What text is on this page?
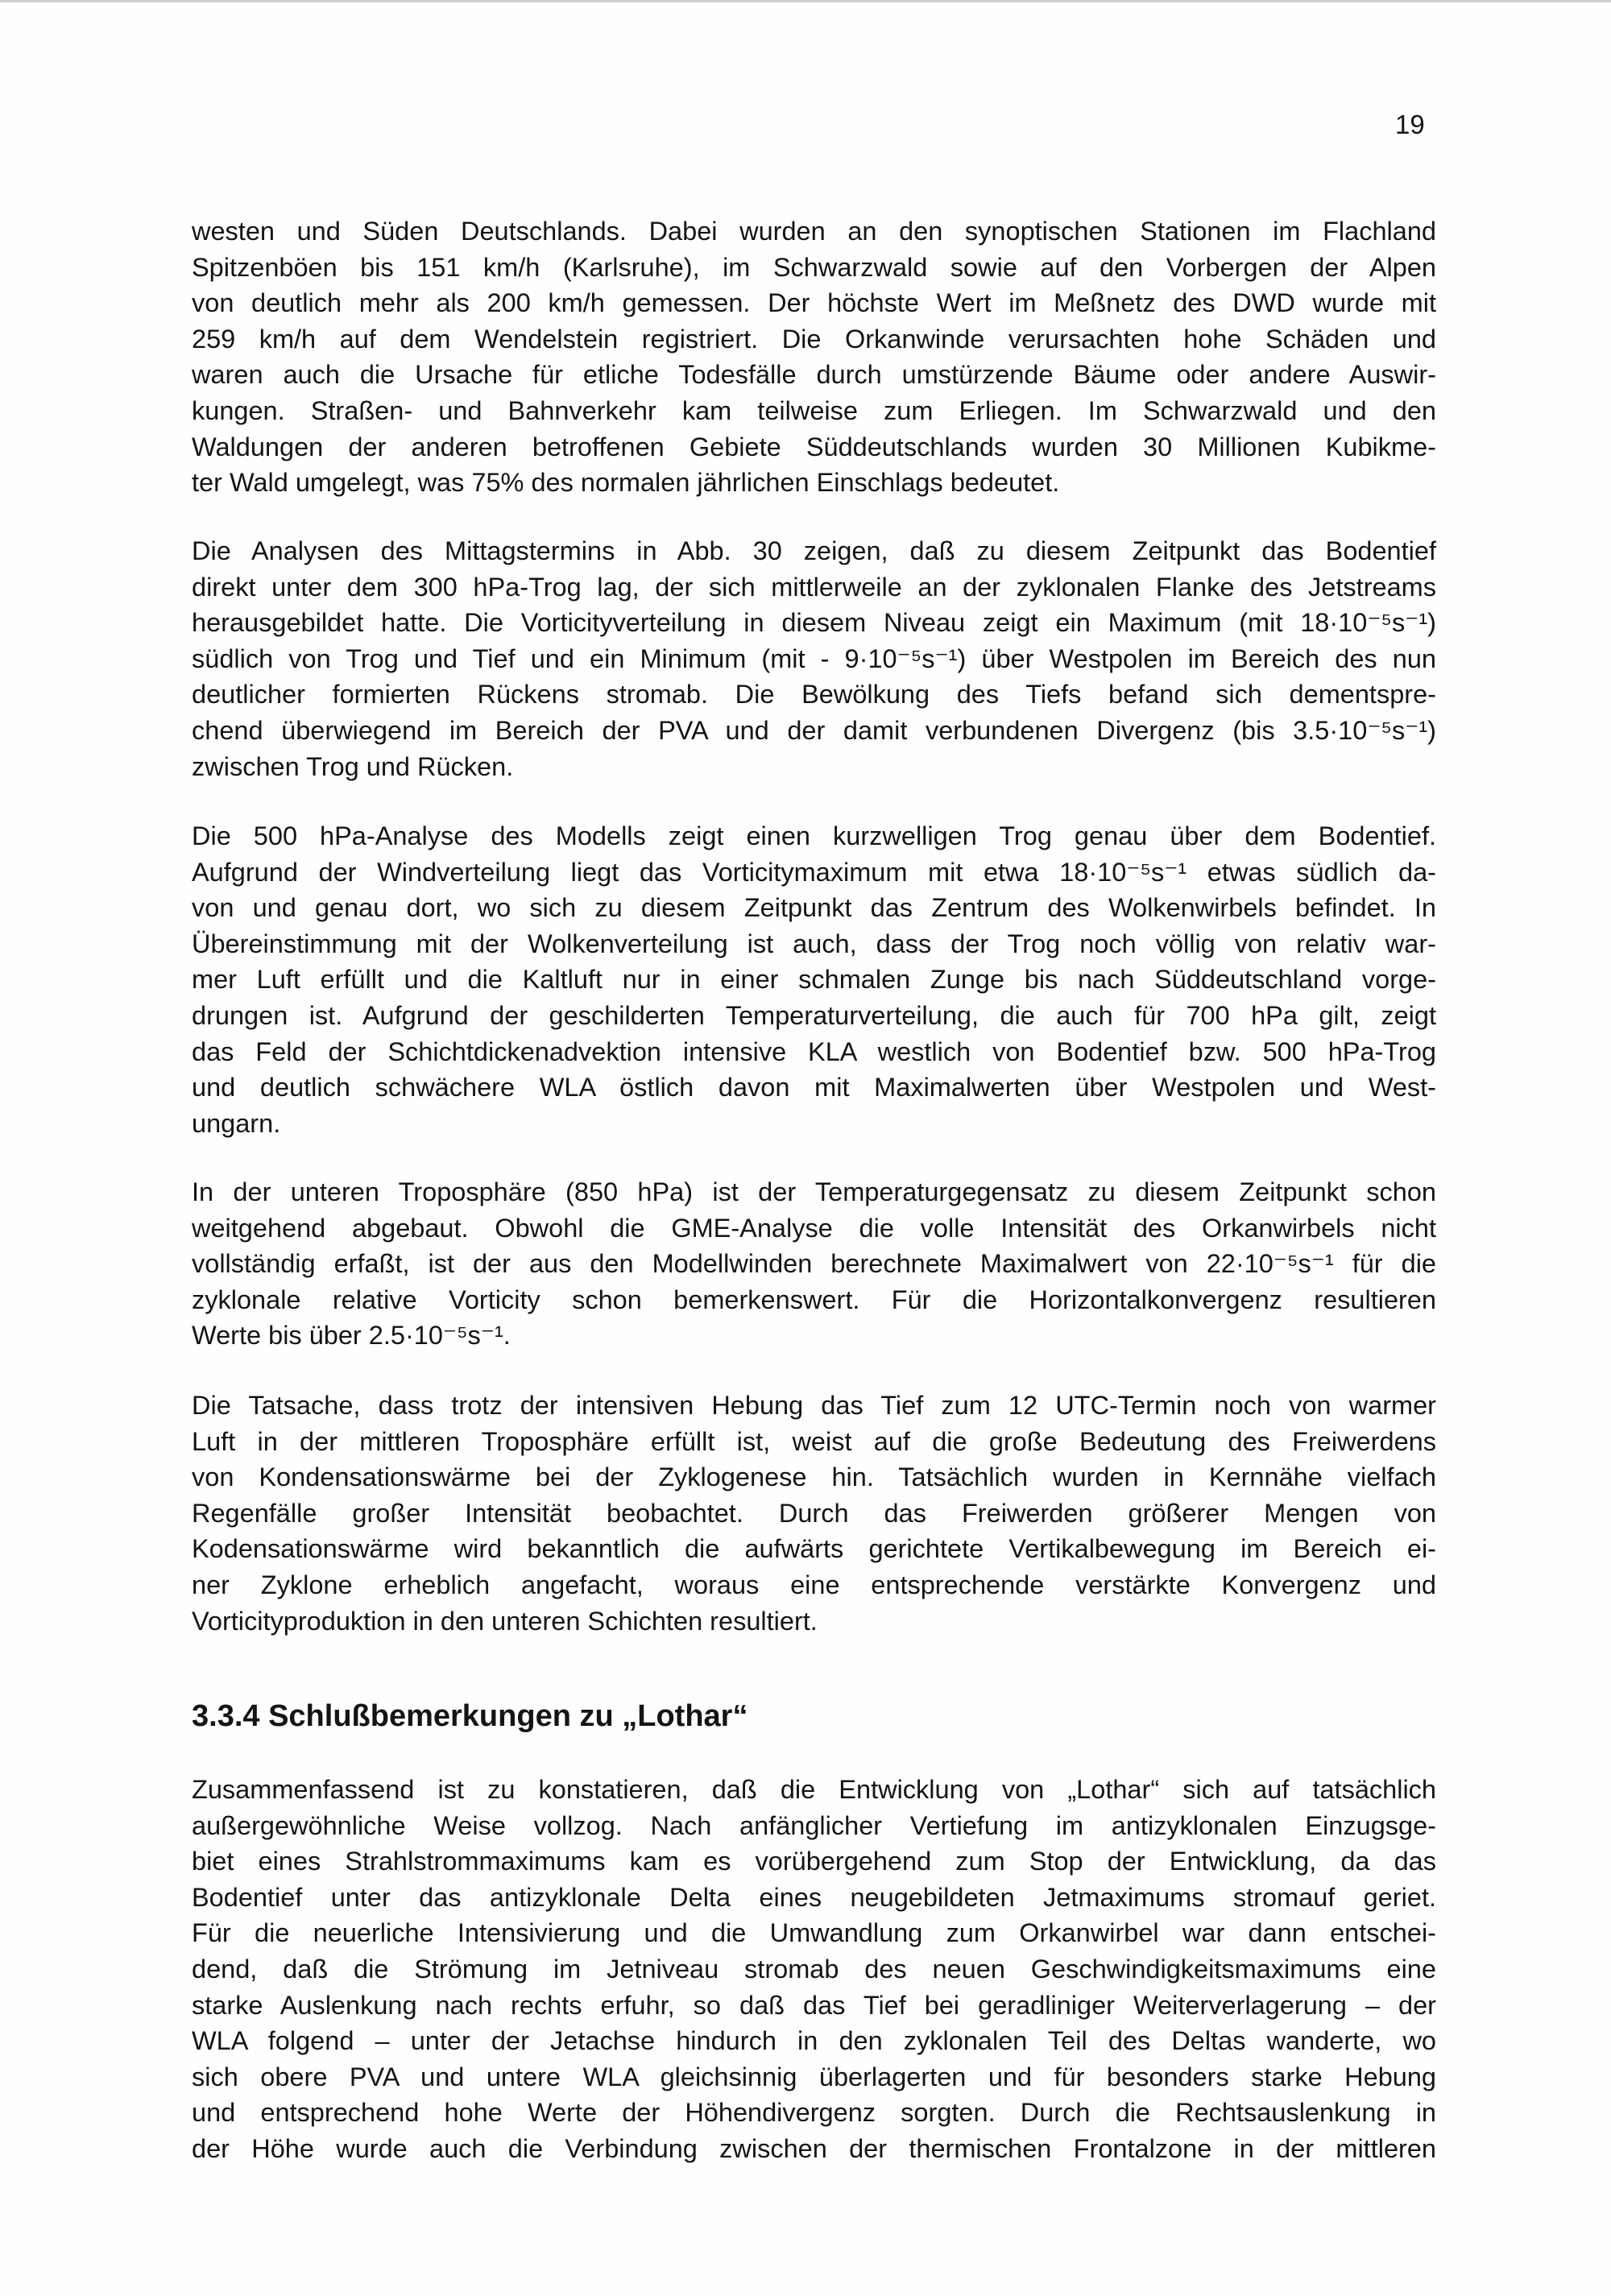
19
westen und Süden Deutschlands. Dabei wurden an den synoptischen Stationen im Flachland
Spitzenböen bis 151 km/h (Karlsruhe), im Schwarzwald sowie auf den Vorbergen der Alpen
von deutlich mehr als 200 km/h gemessen. Der höchste Wert im Meßnetz des DWD wurde mit
259 km/h auf dem Wendelstein registriert. Die Orkanwinde verursachten hohe Schäden und
waren auch die Ursache für etliche Todesfälle durch umstürzende Bäume oder andere Auswir-
kungen. Straßen- und Bahnverkehr kam teilweise zum Erliegen. Im Schwarzwald und den
Waldungen der anderen betroffenen Gebiete Süddeutschlands wurden 30 Millionen Kubikme-
ter Wald umgelegt, was 75% des normalen jährlichen Einschlags bedeutet.
Die Analysen des Mittagstermins in Abb. 30 zeigen, daß zu diesem Zeitpunkt das Bodentief
direkt unter dem 300 hPa-Trog lag, der sich mittlerweile an der zyklonalen Flanke des Jetstreams
herausgebildet hatte. Die Vorticityverteilung in diesem Niveau zeigt ein Maximum (mit 18·10⁻⁵s⁻¹)
südlich von Trog und Tief und ein Minimum (mit - 9·10⁻⁵s⁻¹) über Westpolen im Bereich des nun
deutlicher formierten Rückens stromab. Die Bewölkung des Tiefs befand sich dementspre-
chend überwiegend im Bereich der PVA und der damit verbundenen Divergenz (bis 3.5·10⁻⁵s⁻¹)
zwischen Trog und Rücken.
Die 500 hPa-Analyse des Modells zeigt einen kurzwelligen Trog genau über dem Bodentief.
Aufgrund der Windverteilung liegt das Vorticitymaximum mit etwa 18·10⁻⁵s⁻¹ etwas südlich da-
von und genau dort, wo sich zu diesem Zeitpunkt das Zentrum des Wolkenwirbels befindet. In
Übereinstimmung mit der Wolkenverteilung ist auch, dass der Trog noch völlig von relativ war-
mer Luft erfüllt und die Kaltluft nur in einer schmalen Zunge bis nach Süddeutschland vorge-
drungen ist. Aufgrund der geschilderten Temperaturverteilung, die auch für 700 hPa gilt, zeigt
das Feld der Schichtdickenadvektion intensive KLA westlich von Bodentief bzw. 500 hPa-Trog
und deutlich schwächere WLA östlich davon mit Maximalwerten über Westpolen und West-
ungarn.
In der unteren Troposphäre (850 hPa) ist der Temperaturgegensatz zu diesem Zeitpunkt schon
weitgehend abgebaut. Obwohl die GME-Analyse die volle Intensität des Orkanwirbels nicht
vollständig erfaßt, ist der aus den Modellwinden berechnete Maximalwert von 22·10⁻⁵s⁻¹ für die
zyklonale relative Vorticity schon bemerkenswert. Für die Horizontalkonvergenz resultieren
Werte bis über 2.5·10⁻⁵s⁻¹.
Die Tatsache, dass trotz der intensiven Hebung das Tief zum 12 UTC-Termin noch von warmer
Luft in der mittleren Troposphäre erfüllt ist, weist auf die große Bedeutung des Freiwerdens
von Kondensationswärme bei der Zyklogenese hin. Tatsächlich wurden in Kernnähe vielfach
Regenfälle großer Intensität beobachtet. Durch das Freiwerden größerer Mengen von
Kodensationswärme wird bekanntlich die aufwärts gerichtete Vertikalbewegung im Bereich ei-
ner Zyklone erheblich angefacht, woraus eine entsprechende verstärkte Konvergenz und
Vorticityproduktion in den unteren Schichten resultiert.
3.3.4 Schlußbemerkungen zu „Lothar“
Zusammenfassend ist zu konstatieren, daß die Entwicklung von „Lothar“ sich auf tatsächlich
außergewöhnliche Weise vollzog. Nach anfänglicher Vertiefung im antizyklonalen Einzugsge-
biet eines Strahlstrommaximums kam es vorübergehend zum Stop der Entwicklung, da das
Bodentief unter das antizyklonale Delta eines neugebildeten Jetmaximums stromauf geriet.
Für die neuerliche Intensivierung und die Umwandlung zum Orkanwirbel war dann entschei-
dend, daß die Strömung im Jetniveau stromab des neuen Geschwindigkeitsmaximums eine
starke Auslenkung nach rechts erfuhr, so daß das Tief bei geradliniger Weiterverlagerung – der
WLA folgend – unter der Jetachse hindurch in den zyklonalen Teil des Deltas wanderte, wo
sich obere PVA und untere WLA gleichsinnig überlagerten und für besonders starke Hebung
und entsprechend hohe Werte der Höhendivergenz sorgten. Durch die Rechtsauslenkung in
der Höhe wurde auch die Verbindung zwischen der thermischen Frontalzone in der mittleren
